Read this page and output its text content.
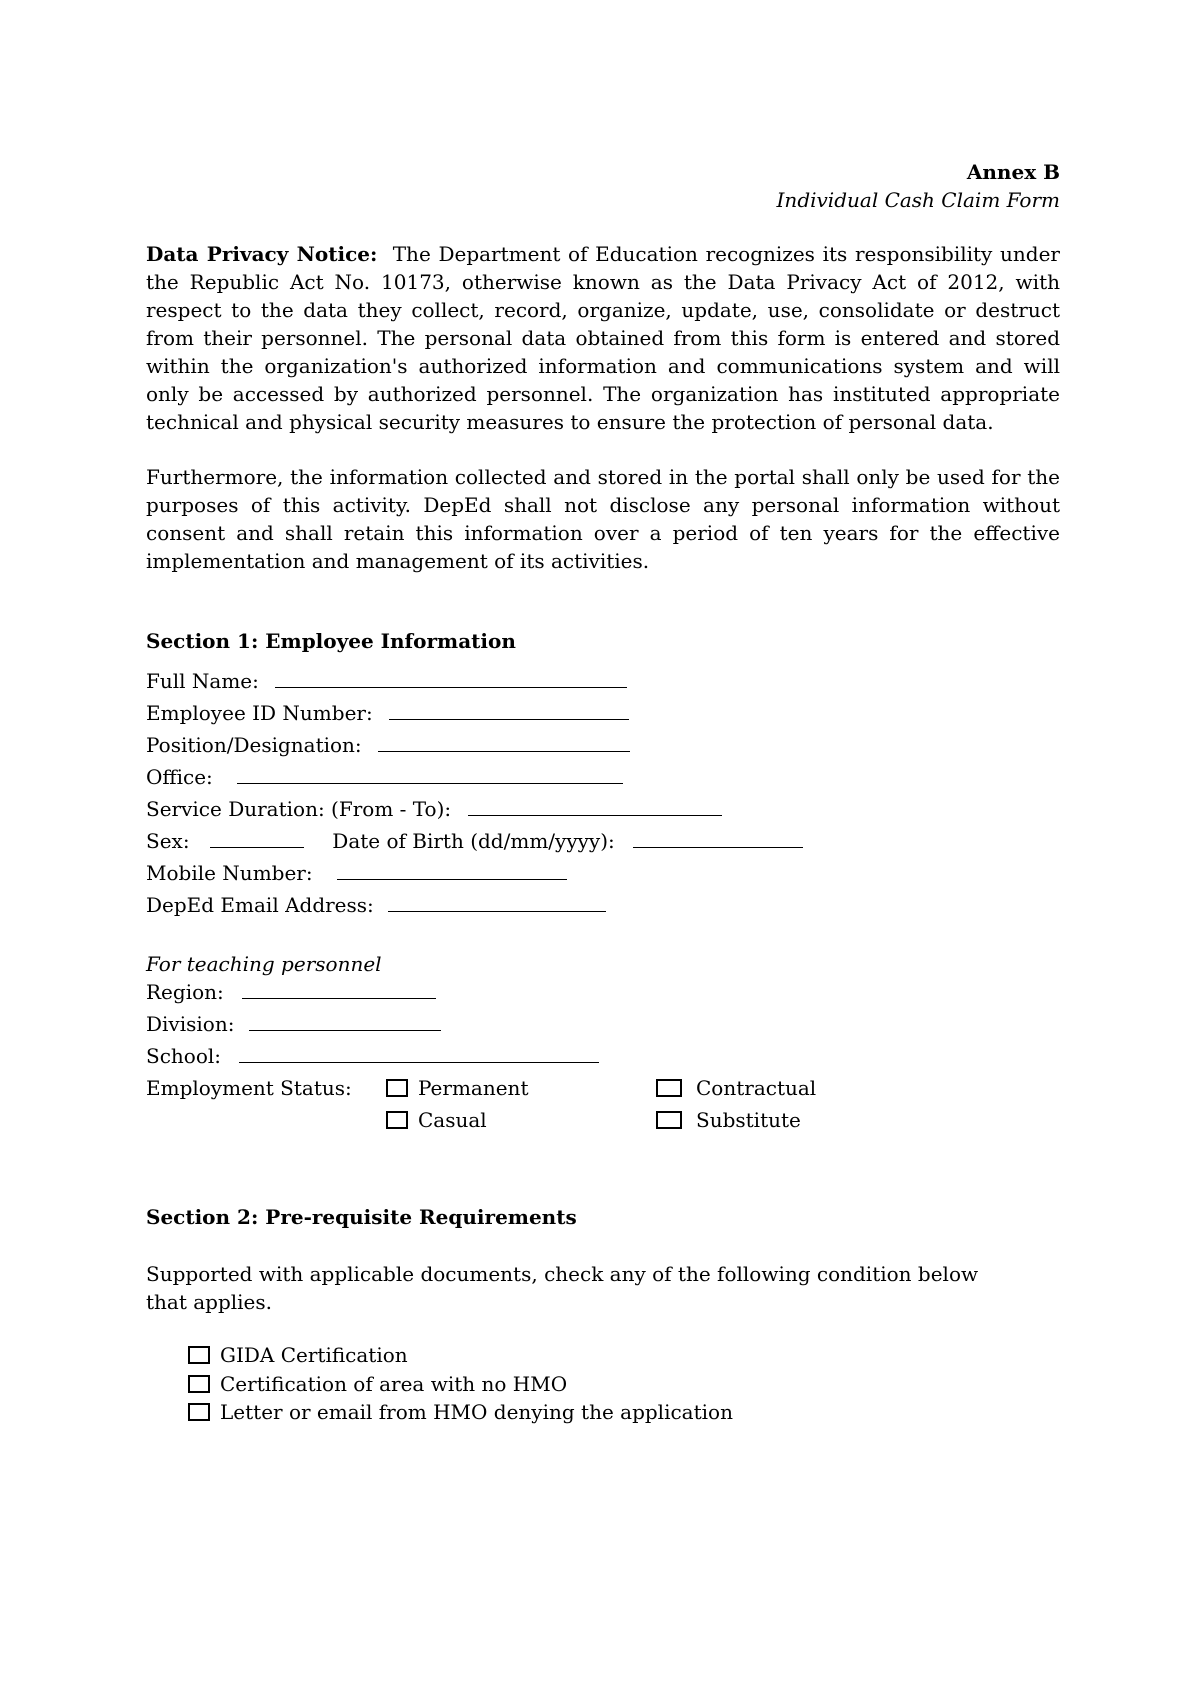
Annex B
Individual Cash Claim Form
Data Privacy Notice: The Department of Education recognizes its responsibility under the Republic Act No. 10173, otherwise known as the Data Privacy Act of 2012, with respect to the data they collect, record, organize, update, use, consolidate or destruct from their personnel. The personal data obtained from this form is entered and stored within the organization's authorized information and communications system and will only be accessed by authorized personnel. The organization has instituted appropriate technical and physical security measures to ensure the protection of personal data.
Furthermore, the information collected and stored in the portal shall only be used for the purposes of this activity. DepEd shall not disclose any personal information without consent and shall retain this information over a period of ten years for the effective implementation and management of its activities.
Section 1: Employee Information
Full Name:
Employee ID Number:
Position/Designation:
Office:
Service Duration: (From - To):
Sex:	Date of Birth (dd/mm/yyyy):
Mobile Number:
DepEd Email Address:
For teaching personnel
Region:
Division:
School:
Employment Status:	Permanent	Contractual
Casual	Substitute
Section 2: Pre-requisite Requirements
Supported with applicable documents, check any of the following condition below that applies.
GIDA Certification
Certification of area with no HMO
Letter or email from HMO denying the application
